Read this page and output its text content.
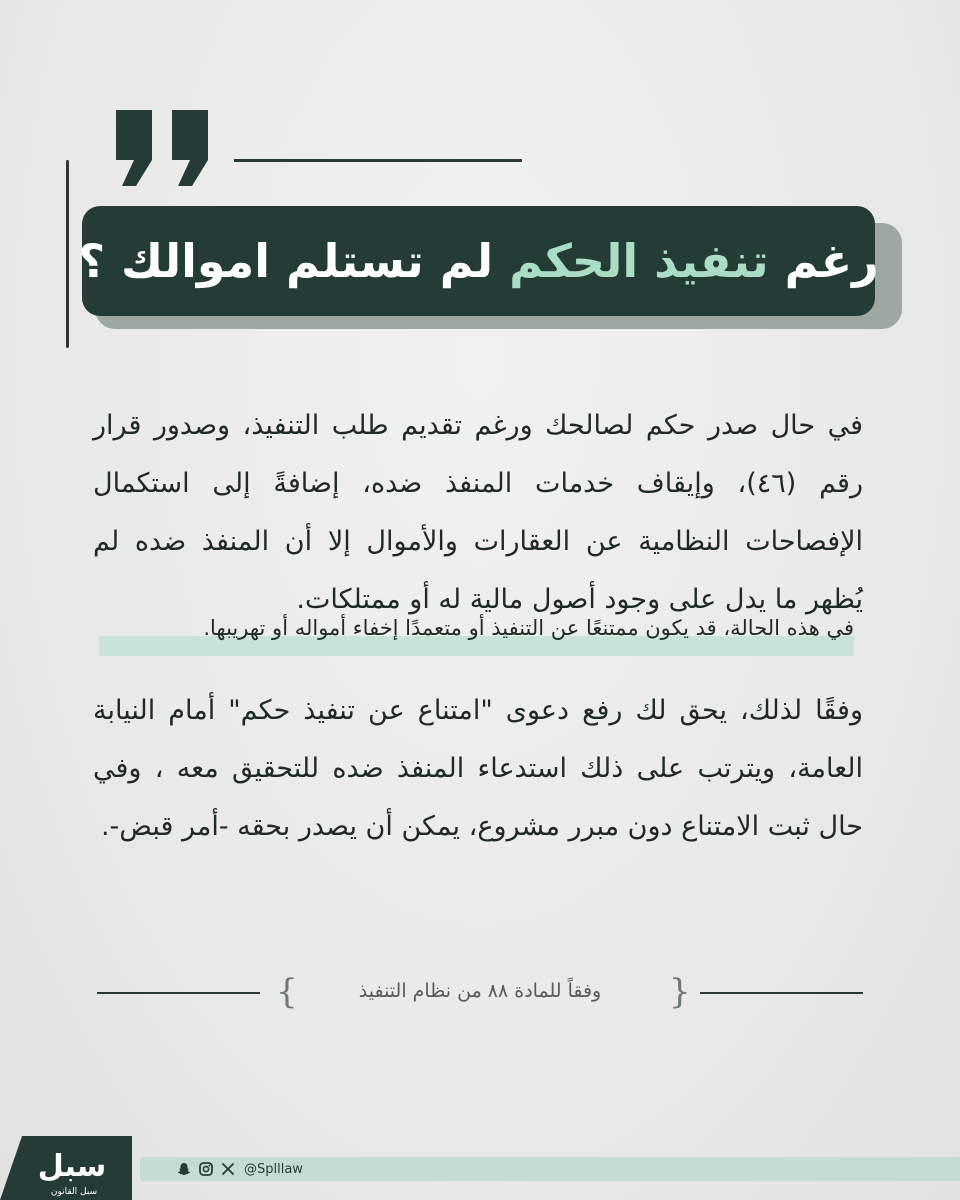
رغم تنفيذ الحكم لم تستلم اموالك ؟
في حال صدر حكم لصالحك ورغم تقديم طلب التنفيذ، وصدور قرار رقم (٤٦)، وإيقاف خدمات المنفذ ضده، إضافةً إلى استكمال الإفصاحات النظامية عن العقارات والأموال إلا أن المنفذ ضده لم يُظهر ما يدل على وجود أصول مالية له أو ممتلكات.
في هذه الحالة، قد يكون ممتنعًا عن التنفيذ أو متعمدًا إخفاء أمواله أو تهريبها.
وفقًا لذلك، يحق لك رفع دعوى "امتناع عن تنفيذ حكم" أمام النيابة العامة، ويترتب على ذلك استدعاء المنفذ ضده للتحقيق معه ، وفي حال ثبت الامتناع دون مبرر مشروع، يمكن أن يصدر بحقه -أمر قبض-.
{	وفقاً للمادة ٨٨ من نظام التنفيذ	}
@Splllaw
سبل
سبل القانون
